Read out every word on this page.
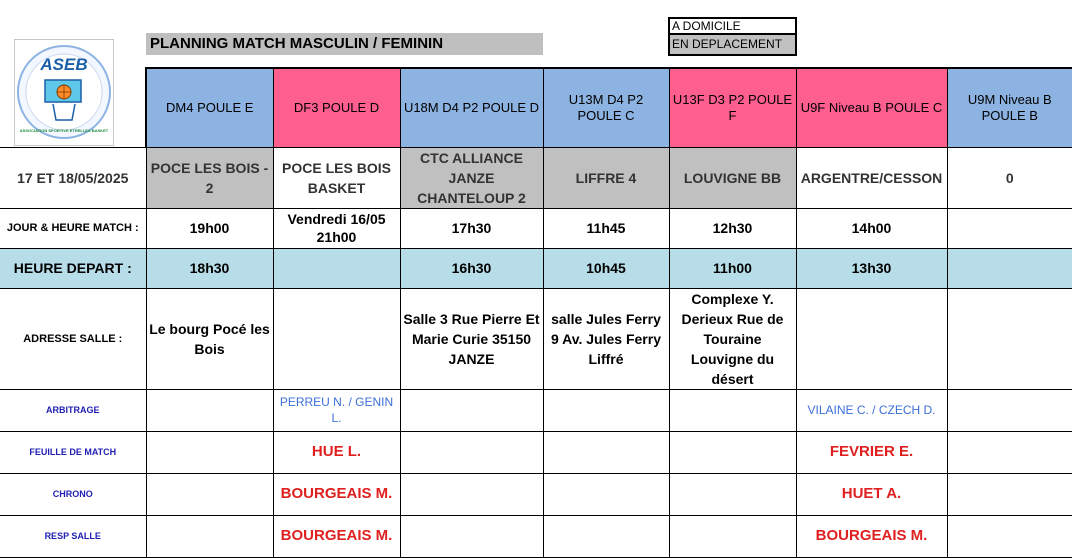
ASEB
ASSOCIATION SPORTIVE ETRELLES BASKET
PLANNING MATCH MASCULIN / FEMININ
A DOMICILE
EN DEPLACEMENT
	DM4 POULE E	DF3 POULE D	U18M D4 P2 POULE D	U13M D4 P2 POULE C	U13F D3 P2 POULE F	U9F Niveau B POULE C	U9M Niveau B POULE B
17 ET 18/05/2025	POCE LES BOIS - 2	POCE LES BOIS BASKET	CTC ALLIANCE JANZE CHANTELOUP 2	LIFFRE 4	LOUVIGNE BB	ARGENTRE/CESSON	0
JOUR & HEURE MATCH :	19h00	Vendredi 16/05 21h00	17h30	11h45	12h30	14h00	
HEURE DEPART :	18h30		16h30	10h45	11h00	13h30	
ADRESSE SALLE :	Le bourg Pocé les Bois		Salle 3 Rue Pierre Et Marie Curie 35150 JANZE	salle Jules Ferry 9 Av. Jules Ferry Liffré	Complexe Y. Derieux Rue de Touraine Louvigne du désert		
ARBITRAGE		PERREU N. / GENIN L.				VILAINE C. / CZECH D.	
FEUILLE DE MATCH		HUE L.				FEVRIER E.	
CHRONO		BOURGEAIS M.				HUET A.	
RESP SALLE		BOURGEAIS M.				BOURGEAIS M.	
